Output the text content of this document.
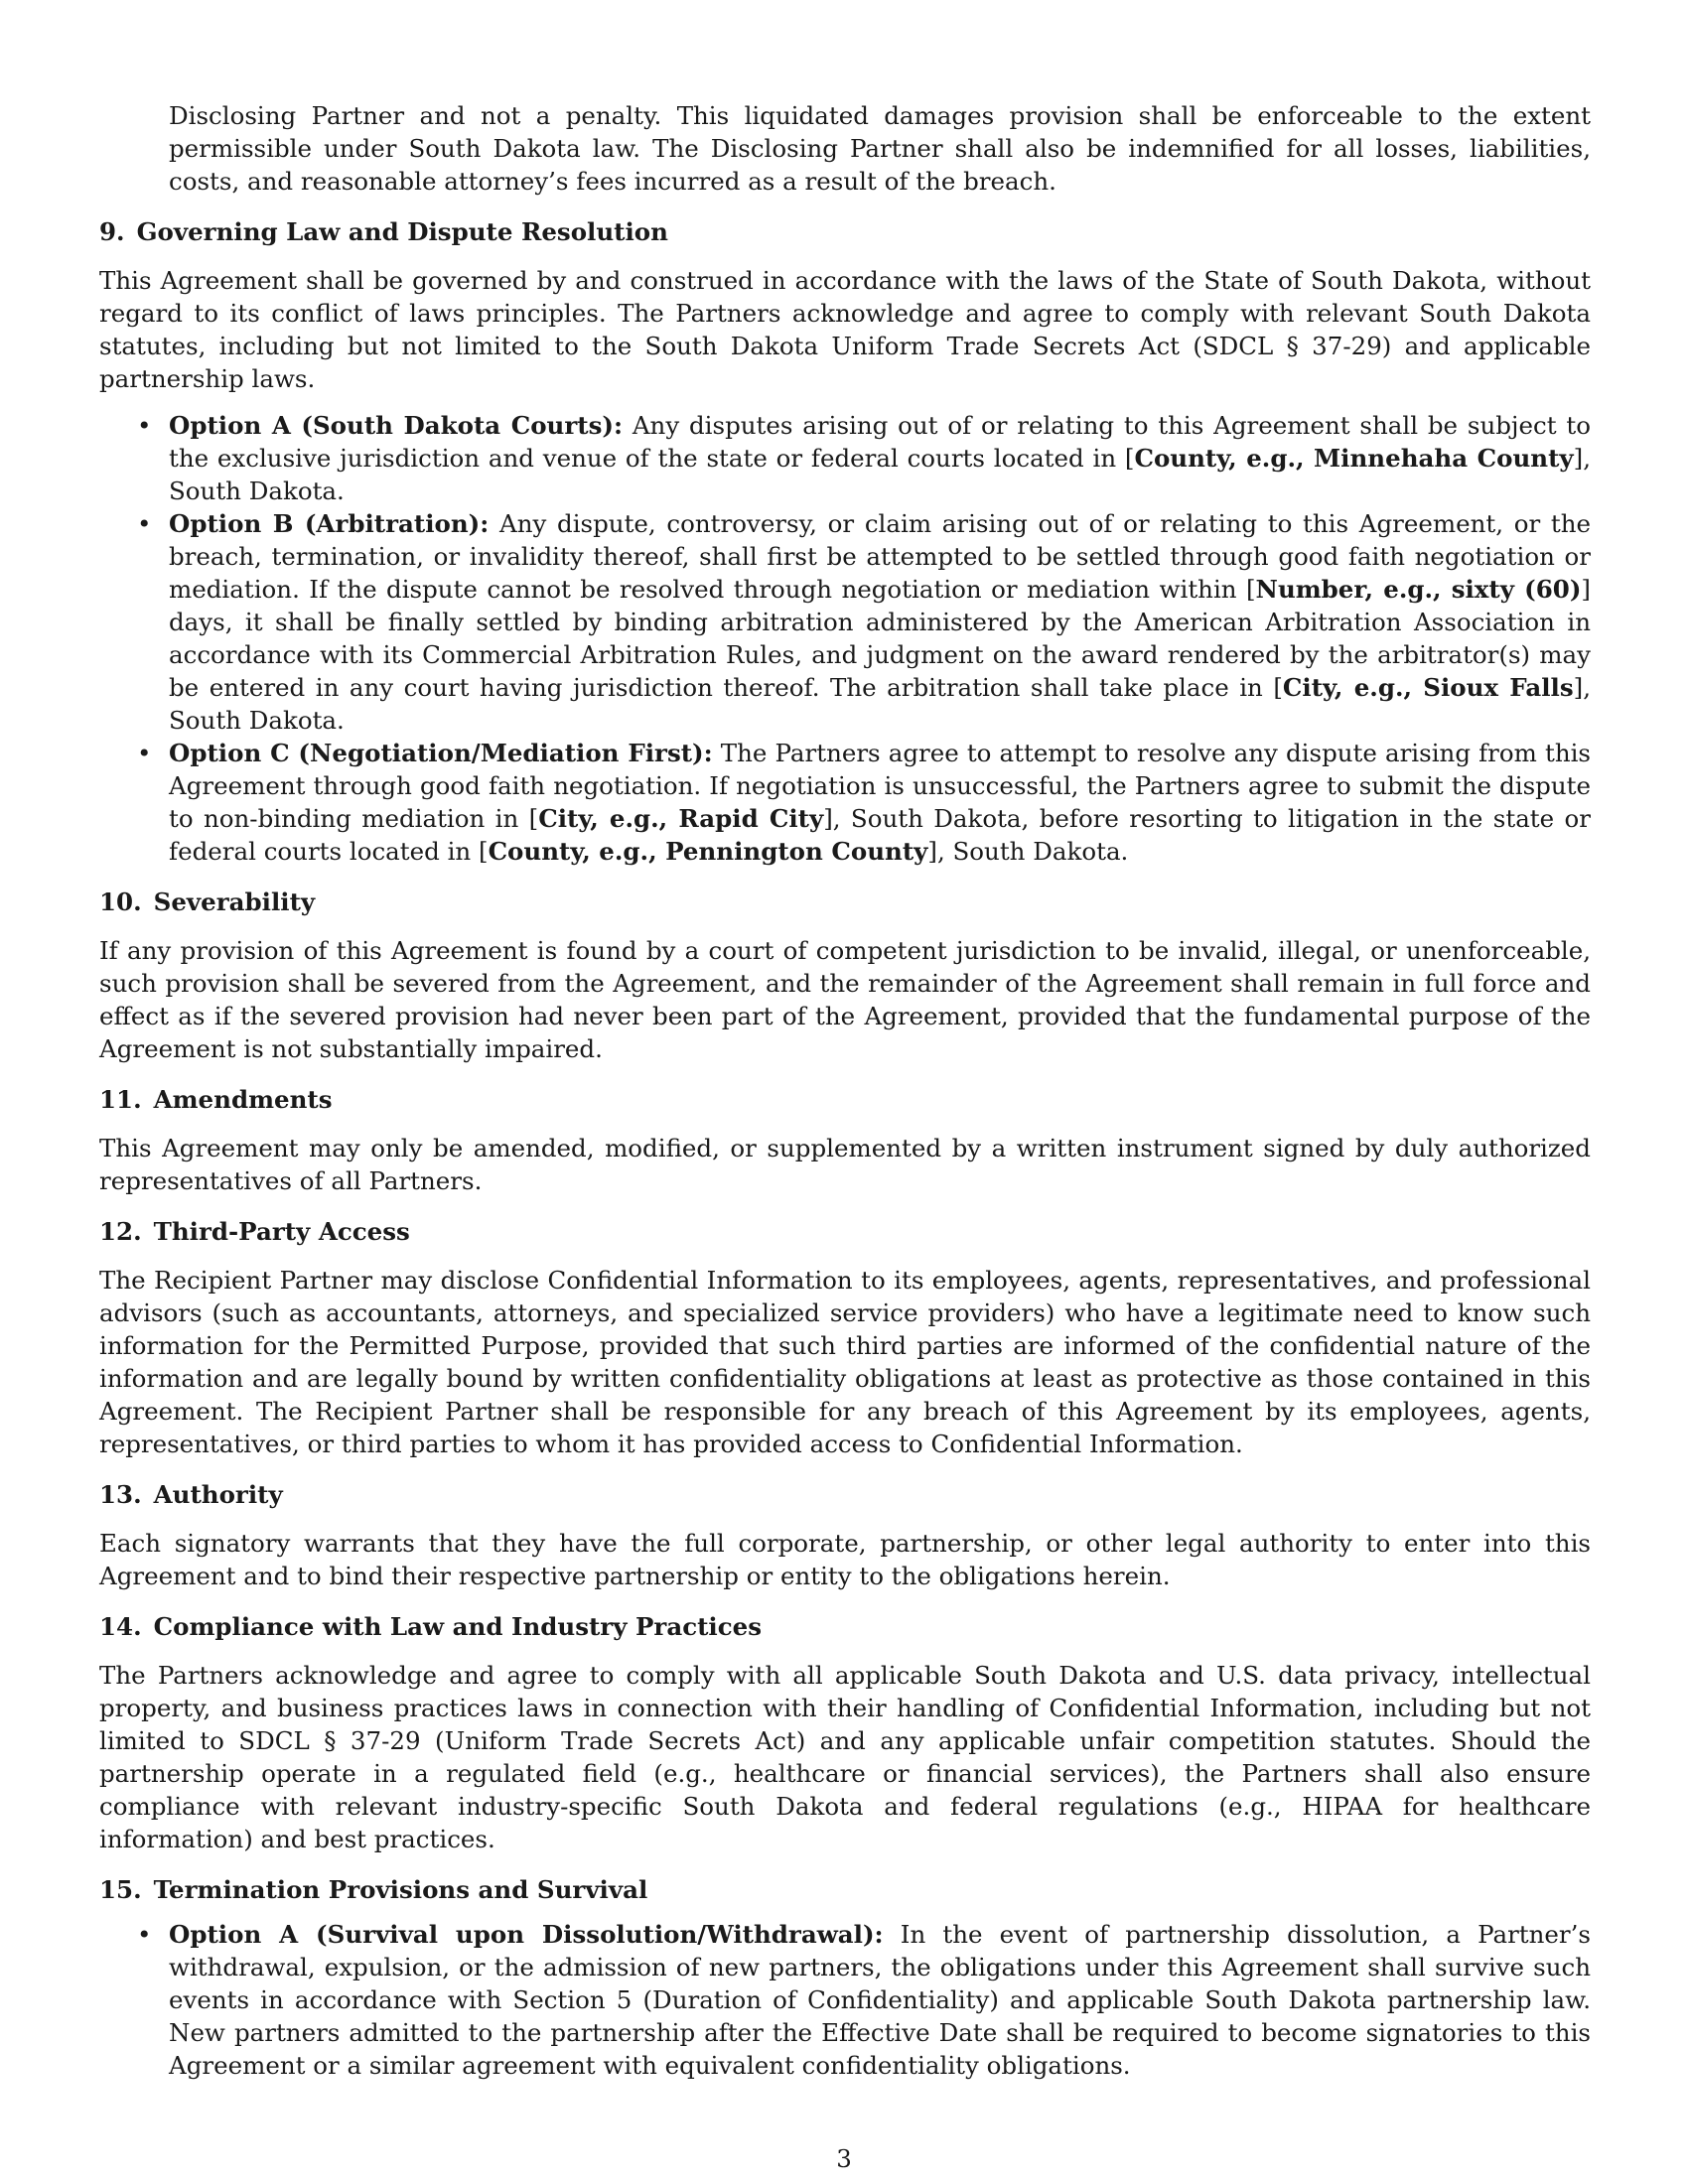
Disclosing Partner and not a penalty. This liquidated damages provision shall be enforceable to the extent permissible under South Dakota law. The Disclosing Partner shall also be indemnified for all losses, liabilities, costs, and reasonable attorney’s fees incurred as a result of the breach.

9. Governing Law and Dispute Resolution

This Agreement shall be governed by and construed in accordance with the laws of the State of South Dakota, without regard to its conflict of laws principles. The Partners acknowledge and agree to comply with relevant South Dakota statutes, including but not limited to the South Dakota Uniform Trade Secrets Act (SDCL § 37-29) and applicable partnership laws.

• Option A (South Dakota Courts): Any disputes arising out of or relating to this Agreement shall be subject to the exclusive jurisdiction and venue of the state or federal courts located in [County, e.g., Minnehaha County], South Dakota.
• Option B (Arbitration): Any dispute, controversy, or claim arising out of or relating to this Agreement, or the breach, termination, or invalidity thereof, shall first be attempted to be settled through good faith negotiation or mediation. If the dispute cannot be resolved through negotiation or mediation within [Number, e.g., sixty (60)] days, it shall be finally settled by binding arbitration administered by the American Arbitration Association in accordance with its Commercial Arbitration Rules, and judgment on the award rendered by the arbitrator(s) may be entered in any court having jurisdiction thereof. The arbitration shall take place in [City, e.g., Sioux Falls], South Dakota.
• Option C (Negotiation/Mediation First): The Partners agree to attempt to resolve any dispute arising from this Agreement through good faith negotiation. If negotiation is unsuccessful, the Partners agree to submit the dispute to non-binding mediation in [City, e.g., Rapid City], South Dakota, before resorting to litigation in the state or federal courts located in [County, e.g., Pennington County], South Dakota.
10. Severability

If any provision of this Agreement is found by a court of competent jurisdiction to be invalid, illegal, or unenforceable, such provision shall be severed from the Agreement, and the remainder of the Agreement shall remain in full force and effect as if the severed provision had never been part of the Agreement, provided that the fundamental purpose of the Agreement is not substantially impaired.

11. Amendments

This Agreement may only be amended, modified, or supplemented by a written instrument signed by duly authorized representatives of all Partners.

12. Third-Party Access

The Recipient Partner may disclose Confidential Information to its employees, agents, representatives, and professional advisors (such as accountants, attorneys, and specialized service providers) who have a legitimate need to know such information for the Permitted Purpose, provided that such third parties are informed of the confidential nature of the information and are legally bound by written confidentiality obligations at least as protective as those contained in this Agreement. The Recipient Partner shall be responsible for any breach of this Agreement by its employees, agents, representatives, or third parties to whom it has provided access to Confidential Information.

13. Authority

Each signatory warrants that they have the full corporate, partnership, or other legal authority to enter into this Agreement and to bind their respective partnership or entity to the obligations herein.

14. Compliance with Law and Industry Practices

The Partners acknowledge and agree to comply with all applicable South Dakota and U.S. data privacy, intellectual property, and business practices laws in connection with their handling of Confidential Information, including but not limited to SDCL § 37-29 (Uniform Trade Secrets Act) and any applicable unfair competition statutes. Should the partnership operate in a regulated field (e.g., healthcare or financial services), the Partners shall also ensure compliance with relevant industry-specific South Dakota and federal regulations (e.g., HIPAA for healthcare information) and best practices.

15. Termination Provisions and Survival
• Option A (Survival upon Dissolution/Withdrawal): In the event of partnership dissolution, a Partner’s withdrawal, expulsion, or the admission of new partners, the obligations under this Agreement shall survive such events in accordance with Section 5 (Duration of Confidentiality) and applicable South Dakota partnership law. New partners admitted to the partnership after the Effective Date shall be required to become signatories to this Agreement or a similar agreement with equivalent confidentiality obligations.
3
